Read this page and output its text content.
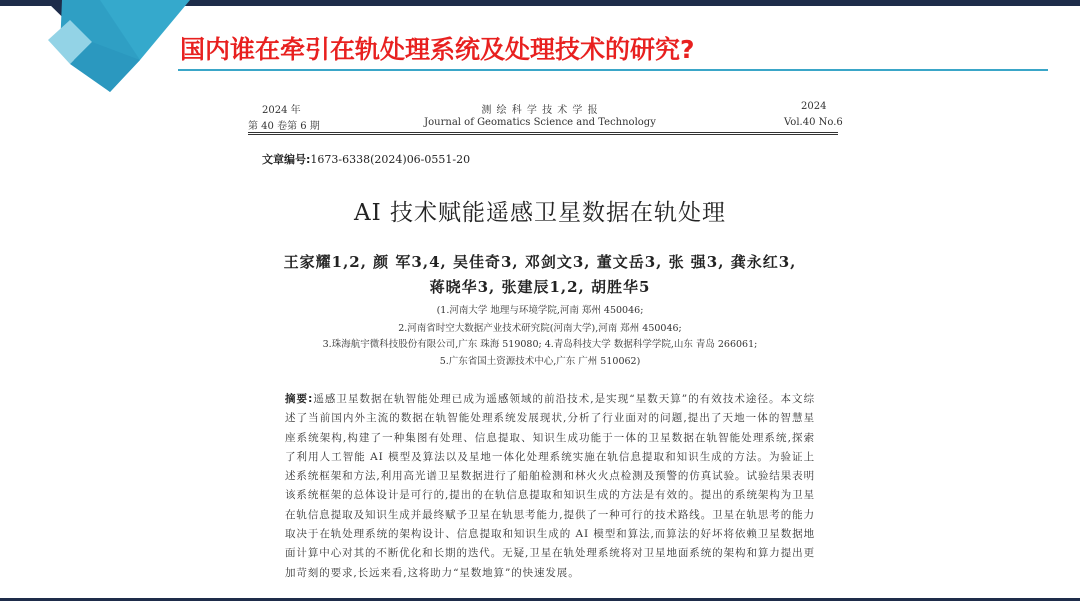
国内谁在牵引在轨处理系统及处理技术的研究?
2024 年
第 40 卷第 6 期
测 绘 科 学 技 术 学 报
Journal of Geomatics Science and Technology
2024
Vol.40 No.6
文章编号:1673-6338(2024)06-0551-20
AI 技术赋能遥感卫星数据在轨处理
王家耀1,2, 颜 军3,4, 吴佳奇3, 邓剑文3, 董文岳3, 张 强3, 龚永红3,
蒋晓华3, 张建辰1,2, 胡胜华5
(1.河南大学 地理与环境学院,河南 郑州 450046;
2.河南省时空大数据产业技术研究院(河南大学),河南 郑州 450046;
3.珠海航宇微科技股份有限公司,广东 珠海 519080; 4.青岛科技大学 数据科学学院,山东 青岛 266061;
5.广东省国土资源技术中心,广东 广州 510062)
摘要:遥感卫星数据在轨智能处理已成为遥感领域的前沿技术,是实现“星数天算”的有效技术途径。本文综述了当前国内外主流的数据在轨智能处理系统发展现状,分析了行业面对的问题,提出了天地一体的智慧星座系统架构,构建了一种集图有处理、信息提取、知识生成功能于一体的卫星数据在轨智能处理系统,探索了利用人工智能 AI 模型及算法以及星地一体化处理系统实施在轨信息提取和知识生成的方法。为验证上述系统框架和方法,利用高光谱卫星数据进行了船舶检测和林火火点检测及预警的仿真试验。试验结果表明该系统框架的总体设计是可行的,提出的在轨信息提取和知识生成的方法是有效的。提出的系统架构为卫星在轨信息提取及知识生成并最终赋予卫星在轨思考能力,提供了一种可行的技术路线。卫星在轨思考的能力取决于在轨处理系统的架构设计、信息提取和知识生成的 AI 模型和算法,而算法的好坏将依赖卫星数据地面计算中心对其的不断优化和长期的迭代。无疑,卫星在轨处理系统将对卫星地面系统的架构和算力提出更加苛刻的要求,长远来看,这将助力“星数地算”的快速发展。
